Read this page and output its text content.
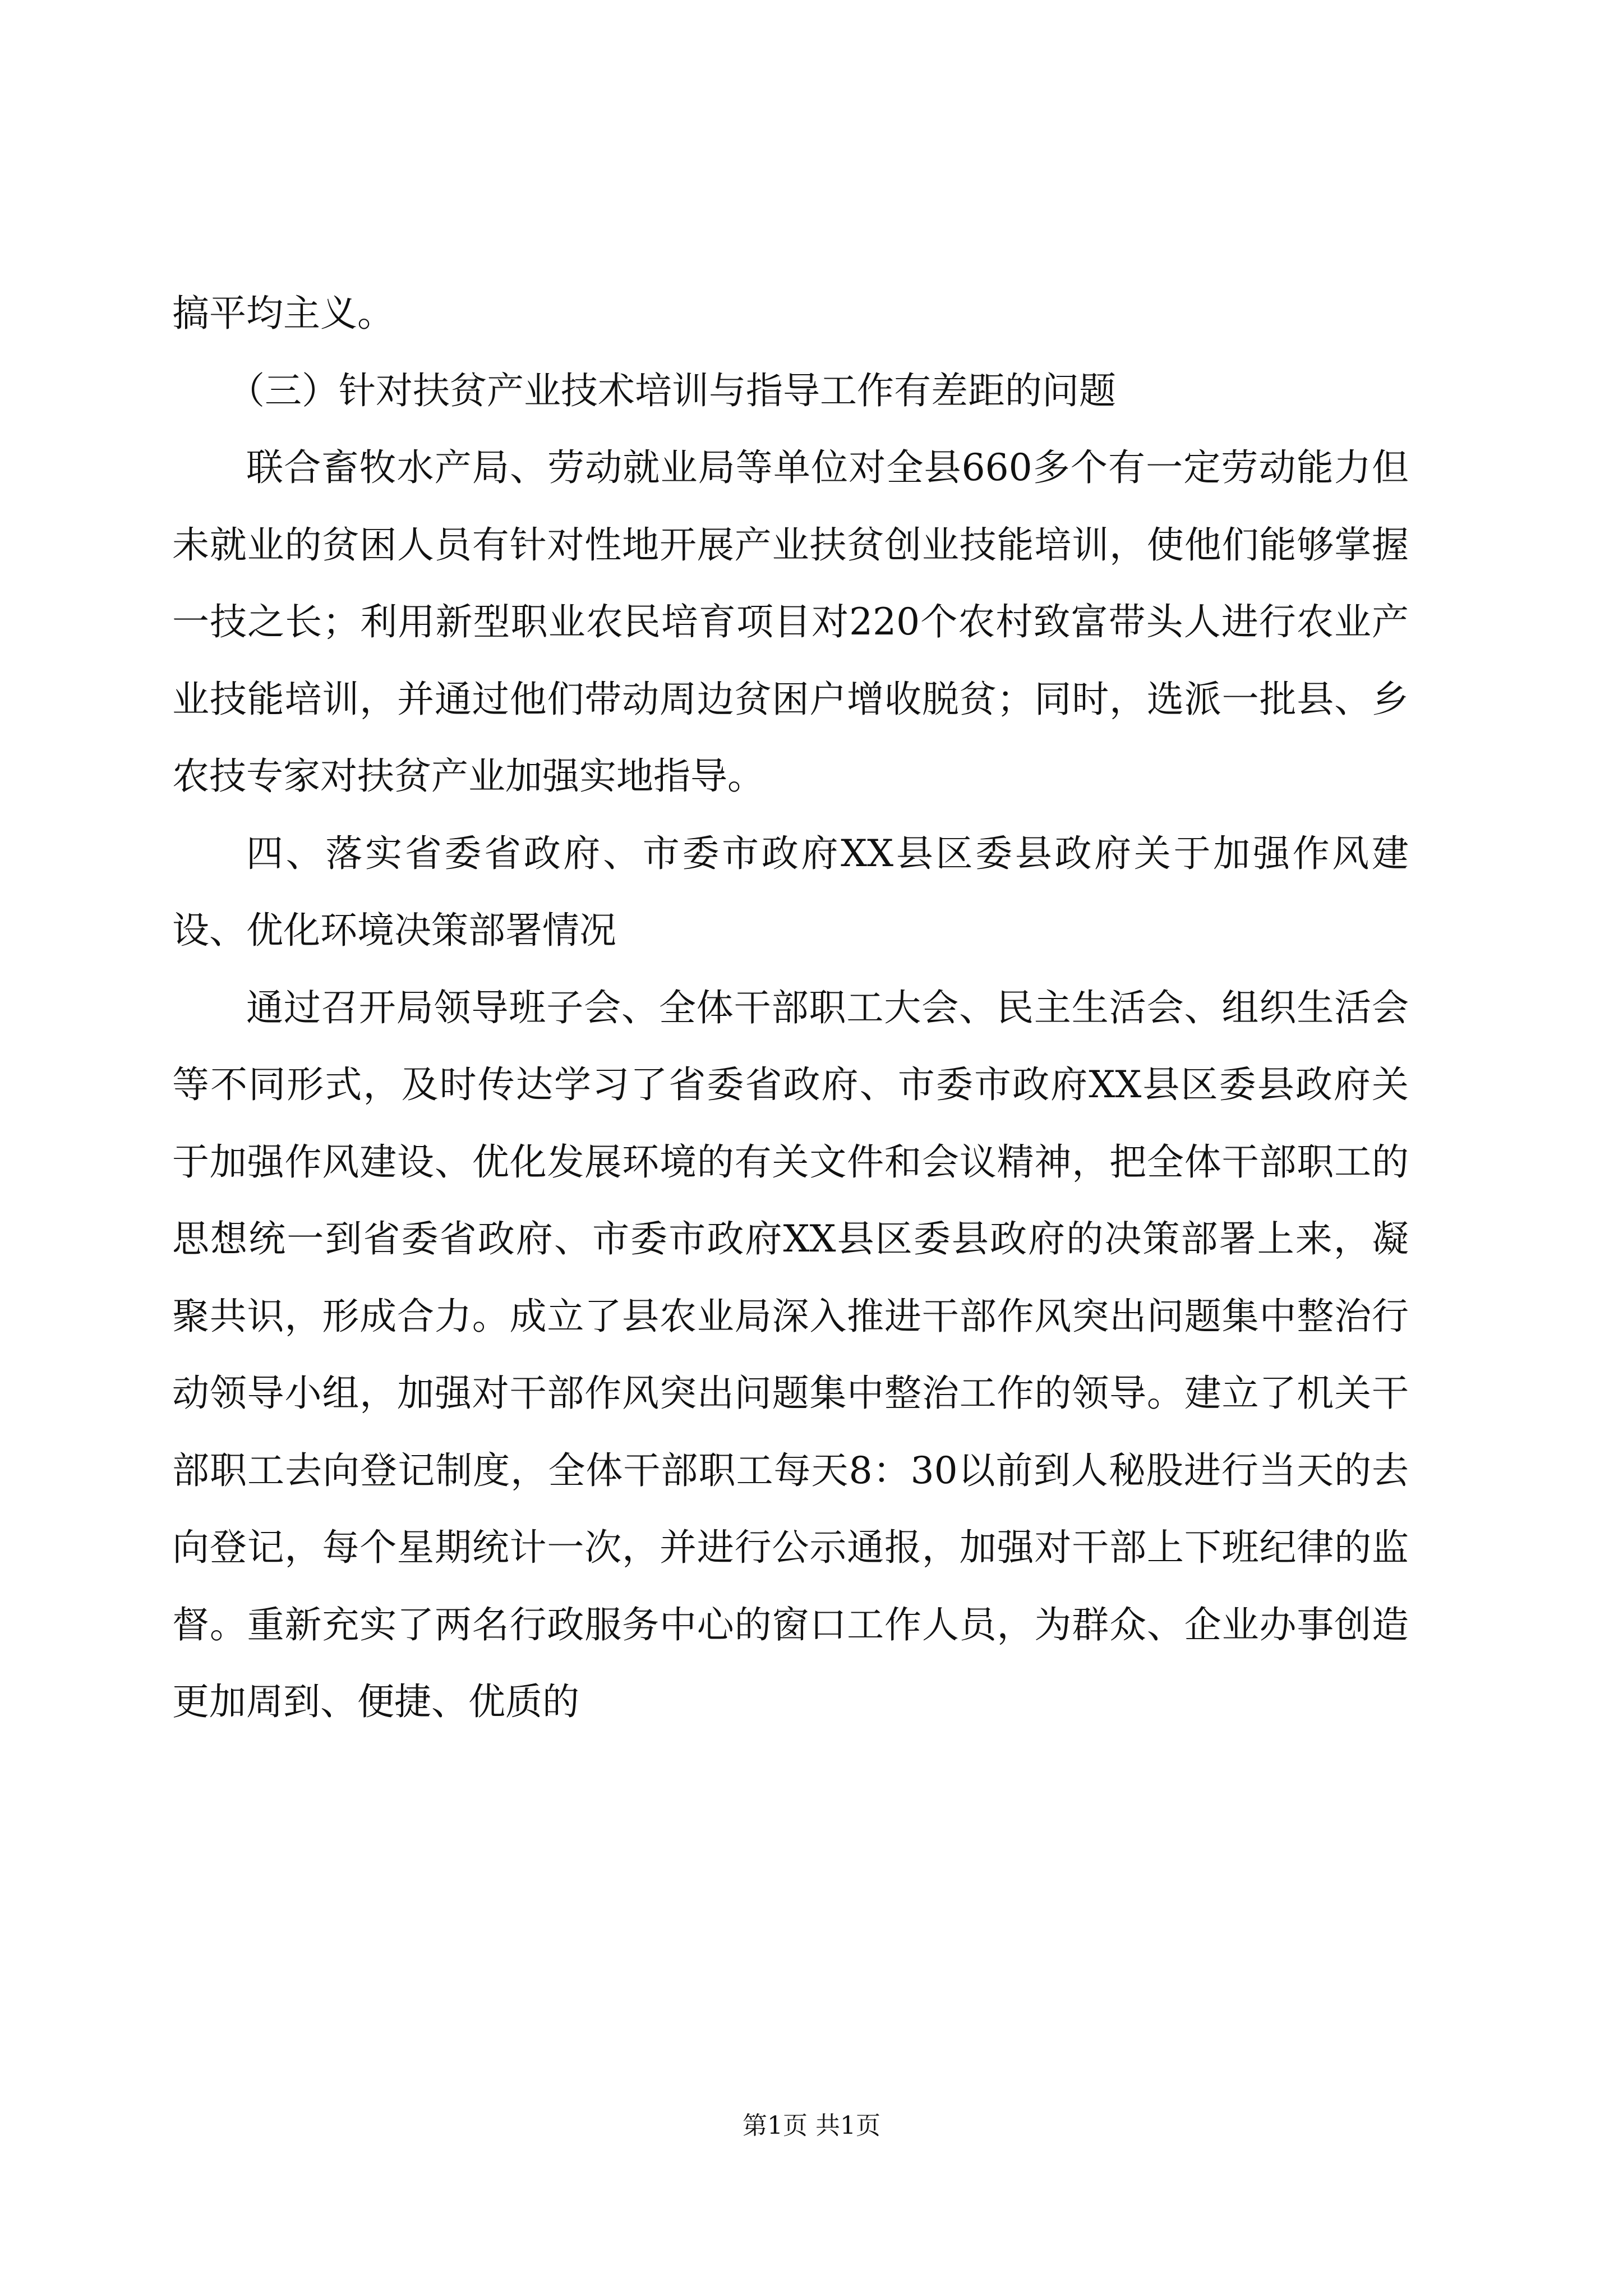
搞平均主义。

（三）针对扶贫产业技术培训与指导工作有差距的问题

联合畜牧水产局、劳动就业局等单位对全县660多个有一定劳动能力但未就业的贫困人员有针对性地开展产业扶贫创业技能培训，使他们能够掌握一技之长；利用新型职业农民培育项目对220个农村致富带头人进行农业产业技能培训，并通过他们带动周边贫困户增收脱贫；同时，选派一批县、乡农技专家对扶贫产业加强实地指导。

四、落实省委省政府、市委市政府XX县区委县政府关于加强作风建设、优化环境决策部署情况

通过召开局领导班子会、全体干部职工大会、民主生活会、组织生活会等不同形式，及时传达学习了省委省政府、市委市政府XX县区委县政府关于加强作风建设、优化发展环境的有关文件和会议精神，把全体干部职工的思想统一到省委省政府、市委市政府XX县区委县政府的决策部署上来，凝聚共识，形成合力。成立了县农业局深入推进干部作风突出问题集中整治行动领导小组，加强对干部作风突出问题集中整治工作的领导。建立了机关干部职工去向登记制度，全体干部职工每天8：30以前到人秘股进行当天的去向登记，每个星期统计一次，并进行公示通报，加强对干部上下班纪律的监督。重新充实了两名行政服务中心的窗口工作人员，为群众、企业办事创造更加周到、便捷、优质的

第1页 共1页
